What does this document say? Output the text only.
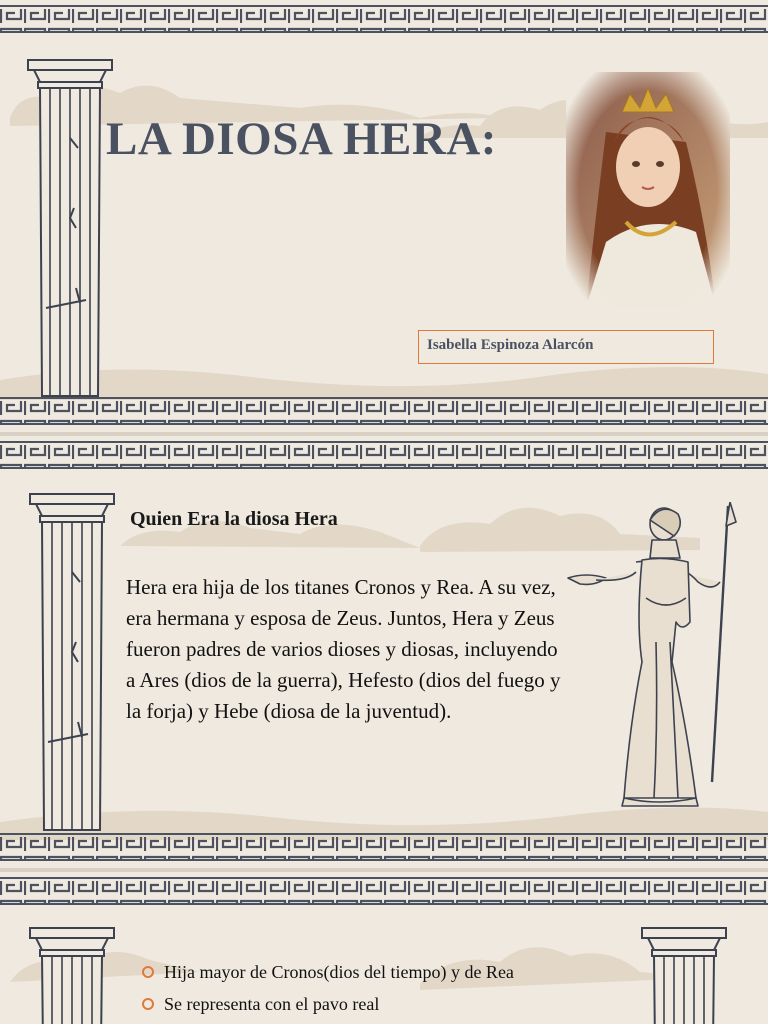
LA DIOSA HERA:
Isabella Espinoza Alarcón
Quien Era la diosa Hera

Hera era hija de los titanes Cronos y Rea. A su vez, era hermana y esposa de Zeus. Juntos, Hera y Zeus fueron padres de varios dioses y diosas, incluyendo a Ares (dios de la guerra), Hefesto (dios del fuego y la forja) y Hebe (diosa de la juventud).

Hija mayor de Cronos(dios del tiempo) y de Rea
Se representa con el pavo real
